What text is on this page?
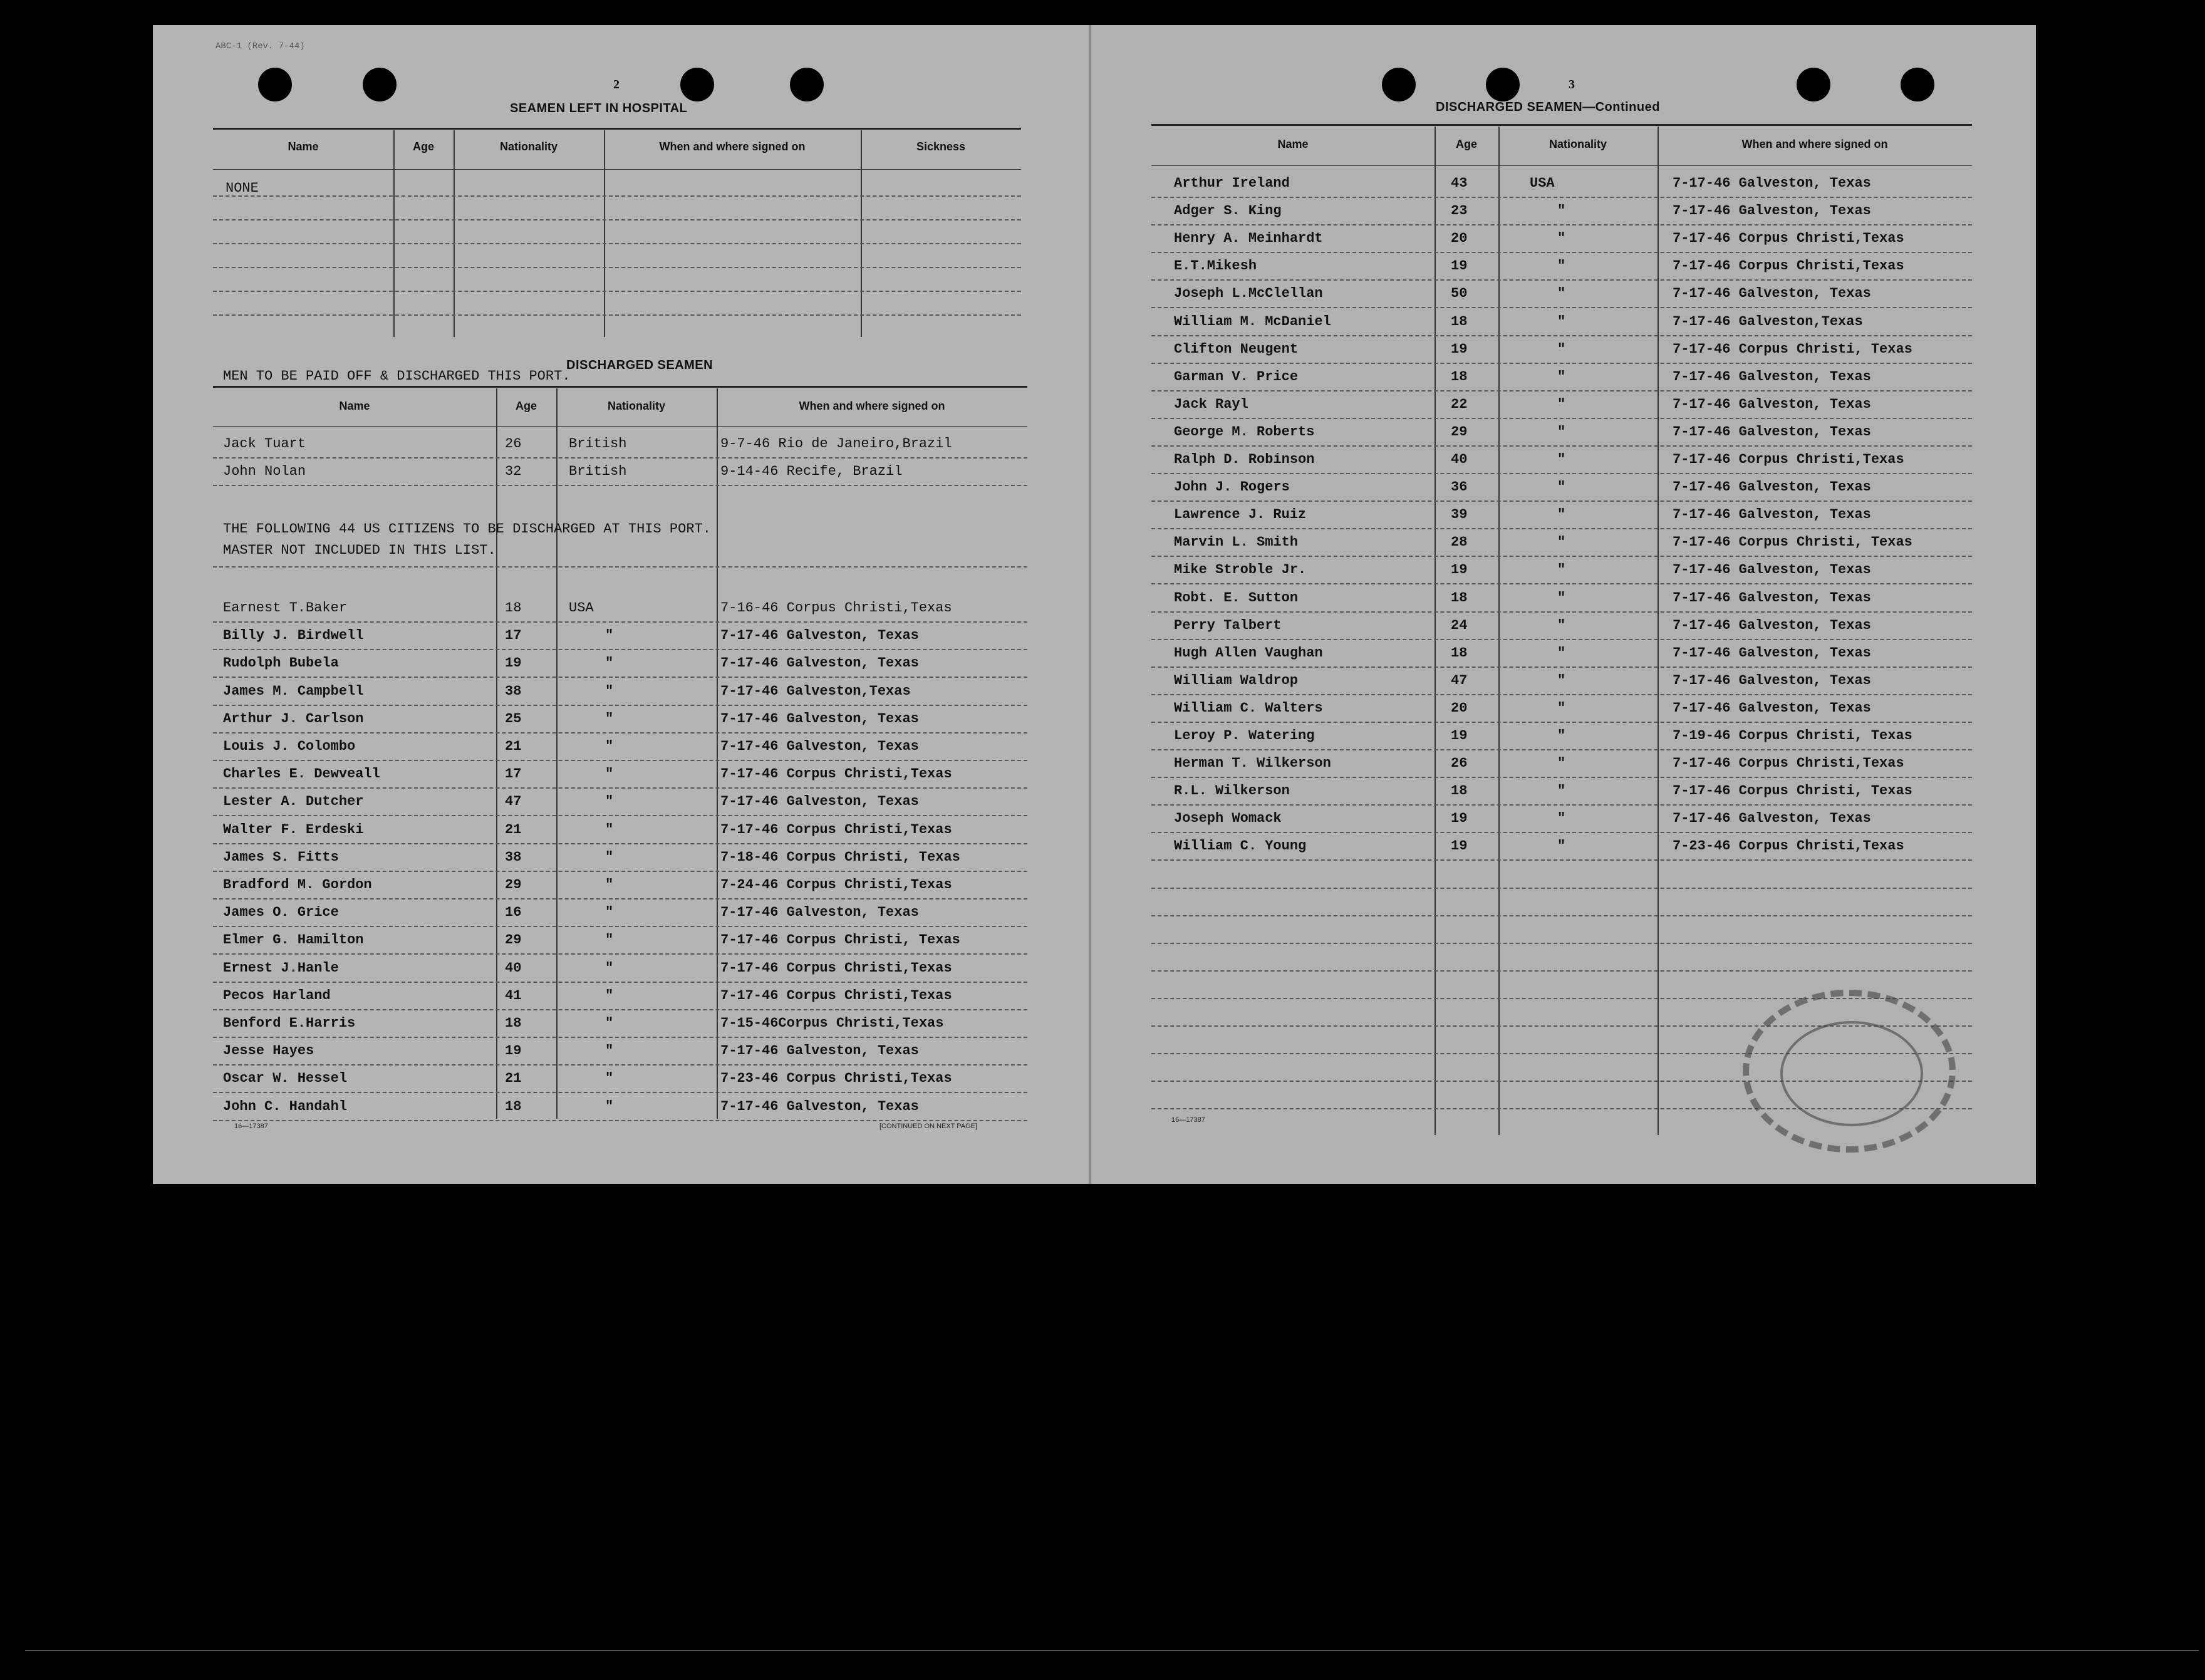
ABC-1 (Rev. 7-44)
2
SEAMEN LEFT IN HOSPITAL
Name	Age	Nationality	When and where signed on	Sickness
NONE
MEN TO BE PAID OFF & DISCHARGED THIS PORT.
DISCHARGED SEAMEN
Name	Age	Nationality	When and where signed on
Jack Tuart	26	British	9-7-46 Rio de Janeiro,Brazil
John Nolan	32	British	9-14-46 Recife, Brazil
Earnest T.Baker	18	USA	7-16-46 Corpus Christi,Texas
Billy J. Birdwell	17	"	7-17-46 Galveston, Texas
Rudolph Bubela	19	"	7-17-46 Galveston, Texas
James M. Campbell	38	"	7-17-46 Galveston,Texas
Arthur J. Carlson	25	"	7-17-46 Galveston, Texas
Louis J. Colombo	21	"	7-17-46 Galveston, Texas
Charles E. Dewveall	17	"	7-17-46 Corpus Christi,Texas
Lester A. Dutcher	47	"	7-17-46 Galveston, Texas
Walter F. Erdeski	21	"	7-17-46 Corpus Christi,Texas
James S. Fitts	38	"	7-18-46 Corpus Christi, Texas
Bradford M. Gordon	29	"	7-24-46 Corpus Christi,Texas
James O. Grice	16	"	7-17-46 Galveston, Texas
Elmer G. Hamilton	29	"	7-17-46 Corpus Christi, Texas
Ernest J.Hanle	40	"	7-17-46 Corpus Christi,Texas
Pecos Harland	41	"	7-17-46 Corpus Christi,Texas
Benford E.Harris	18	"	7-15-46Corpus Christi,Texas
Jesse Hayes	19	"	7-17-46 Galveston, Texas
Oscar W. Hessel	21	"	7-23-46 Corpus Christi,Texas
John C. Handahl	18	"	7-17-46 Galveston, Texas
THE FOLLOWING 44 US CITIZENS TO BE DISCHARGED AT THIS PORT.
MASTER NOT INCLUDED IN THIS LIST.
16—17387	[CONTINUED ON NEXT PAGE]
3
DISCHARGED SEAMEN—Continued
Name	Age	Nationality	When and where signed on
Arthur Ireland	43	USA	7-17-46 Galveston, Texas
Adger S. King	23	"	7-17-46 Galveston, Texas
Henry A. Meinhardt	20	"	7-17-46 Corpus Christi,Texas
E.T.Mikesh	19	"	7-17-46 Corpus Christi,Texas
Joseph L.McClellan	50	"	7-17-46 Galveston, Texas
William M. McDaniel	18	"	7-17-46 Galveston,Texas
Clifton Neugent	19	"	7-17-46 Corpus Christi, Texas
Garman V. Price	18	"	7-17-46 Galveston, Texas
Jack Rayl	22	"	7-17-46 Galveston, Texas
George M. Roberts	29	"	7-17-46 Galveston, Texas
Ralph D. Robinson	40	"	7-17-46 Corpus Christi,Texas
John J. Rogers	36	"	7-17-46 Galveston, Texas
Lawrence J. Ruiz	39	"	7-17-46 Galveston, Texas
Marvin L. Smith	28	"	7-17-46 Corpus Christi, Texas
Mike Stroble Jr.	19	"	7-17-46 Galveston, Texas
Robt. E. Sutton	18	"	7-17-46 Galveston, Texas
Perry Talbert	24	"	7-17-46 Galveston, Texas
Hugh Allen Vaughan	18	"	7-17-46 Galveston, Texas
William Waldrop	47	"	7-17-46 Galveston, Texas
William C. Walters	20	"	7-17-46 Galveston, Texas
Leroy P. Watering	19	"	7-19-46 Corpus Christi, Texas
Herman T. Wilkerson	26	"	7-17-46 Corpus Christi,Texas
R.L. Wilkerson	18	"	7-17-46 Corpus Christi, Texas
Joseph Womack	19	"	7-17-46 Galveston, Texas
William C. Young	19	"	7-23-46 Corpus Christi,Texas
16—17387
